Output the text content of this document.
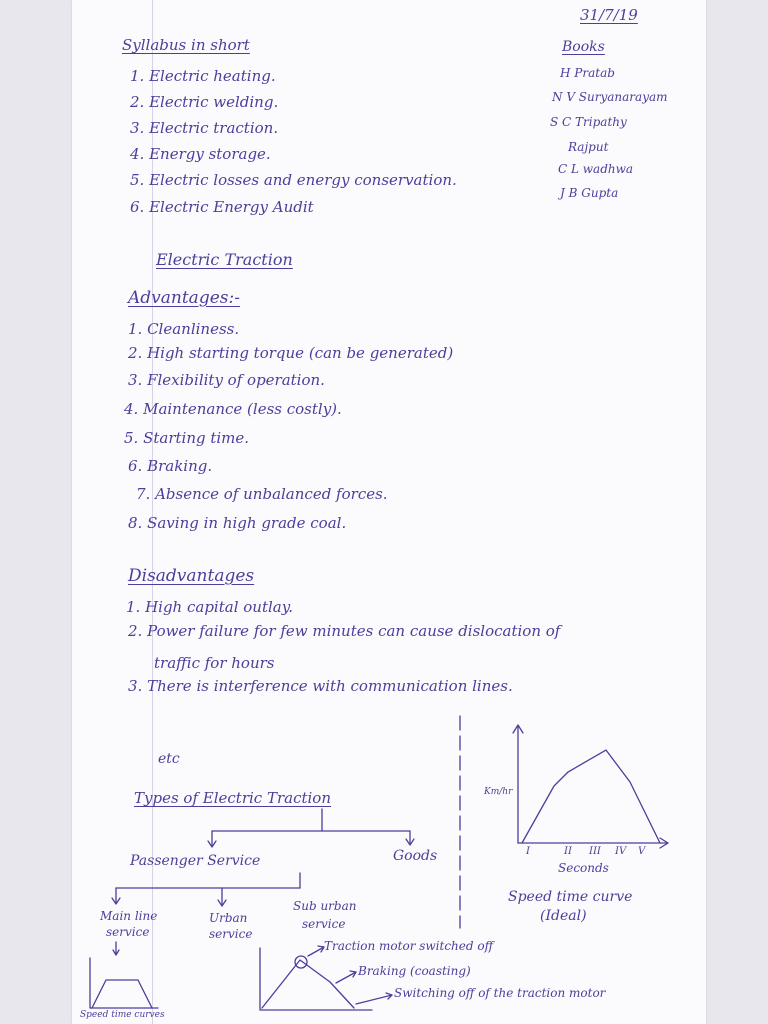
31/7/19
Syllabus in short
1. Electric heating.
2. Electric welding.
3. Electric traction.
4. Energy storage.
5. Electric losses and energy conservation.
6. Electric Energy Audit
Books
H Pratab
N V Suryanarayam
S C Tripathy
Rajput
C L wadhwa
J B Gupta
Electric Traction
Advantages:-
1. Cleanliness.
2. High starting torque (can be generated)
3. Flexibility of operation.
4. Maintenance (less costly).
5. Starting time.
6. Braking.
7. Absence of unbalanced forces.
8. Saving in high grade coal.
Disadvantages
1. High capital outlay.
2. Power failure for few minutes can cause dislocation of
traffic for hours
3. There is interference with communication lines.
etc
Types of Electric Traction
Passenger Service	Goods
Main line
service
Urban
service
Sub urban
service
Km/hr
I	II III IV V
Seconds
Speed time curve
(Ideal)
Traction motor switched off
Braking (coasting)
Switching off of the traction motor
Speed time curves
